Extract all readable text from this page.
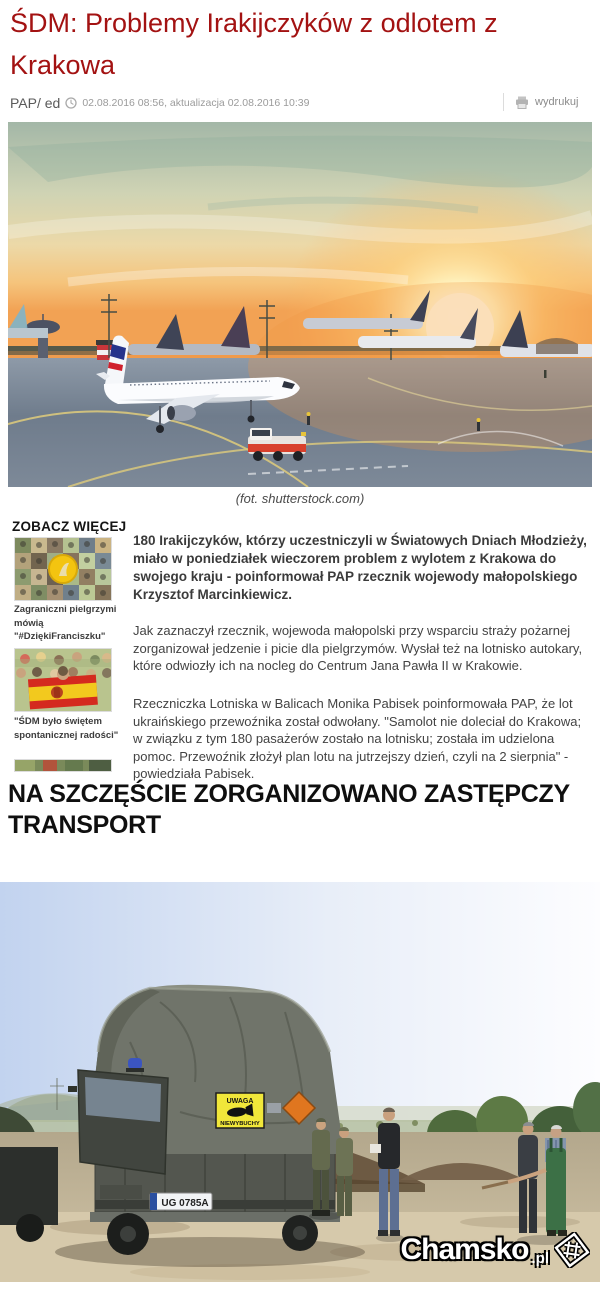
ŚDM: Problemy Irakijczyków z odlotem z Krakowa
PAP/ ed 02.08.2016 08:56, aktualizacja 02.08.2016 10:39	wydrukuj
(fot. shutterstock.com)
ZOBACZ WIĘCEJ
Zagraniczni pielgrzymi mówią "#DziękiFranciszku"
"ŚDM było świętem spontanicznej radości"

180 Irakijczyków, którzy uczestniczyli w Światowych Dniach Młodzieży, miało w poniedziałek wieczorem problem z wylotem z Krakowa do swojego kraju - poinformował PAP rzecznik wojewody małopolskiego Krzysztof Marcinkiewicz.

Jak zaznaczył rzecznik, wojewoda małopolski przy wsparciu straży pożarnej zorganizował jedzenie i picie dla pielgrzymów. Wysłał też na lotnisko autokary, które odwiozły ich na nocleg do Centrum Jana Pawła II w Krakowie.

Rzeczniczka Lotniska w Balicach Monika Pabisek poinformowała PAP, że lot ukraińskiego przewoźnika został odwołany. "Samolot nie doleciał do Krakowa; w związku z tym 180 pasażerów zostało na lotnisku; została im udzielona pomoc. Przewoźnik złożył plan lotu na jutrzejszy dzień, czyli na 2 sierpnia" - powiedziała Pabisek.

NA SZCZĘŚCIE ZORGANIZOWANO ZASTĘPCZY TRANSPORT
UWAGA
NIEWYBUCHY
UG 0785A
Chamsko .pl
